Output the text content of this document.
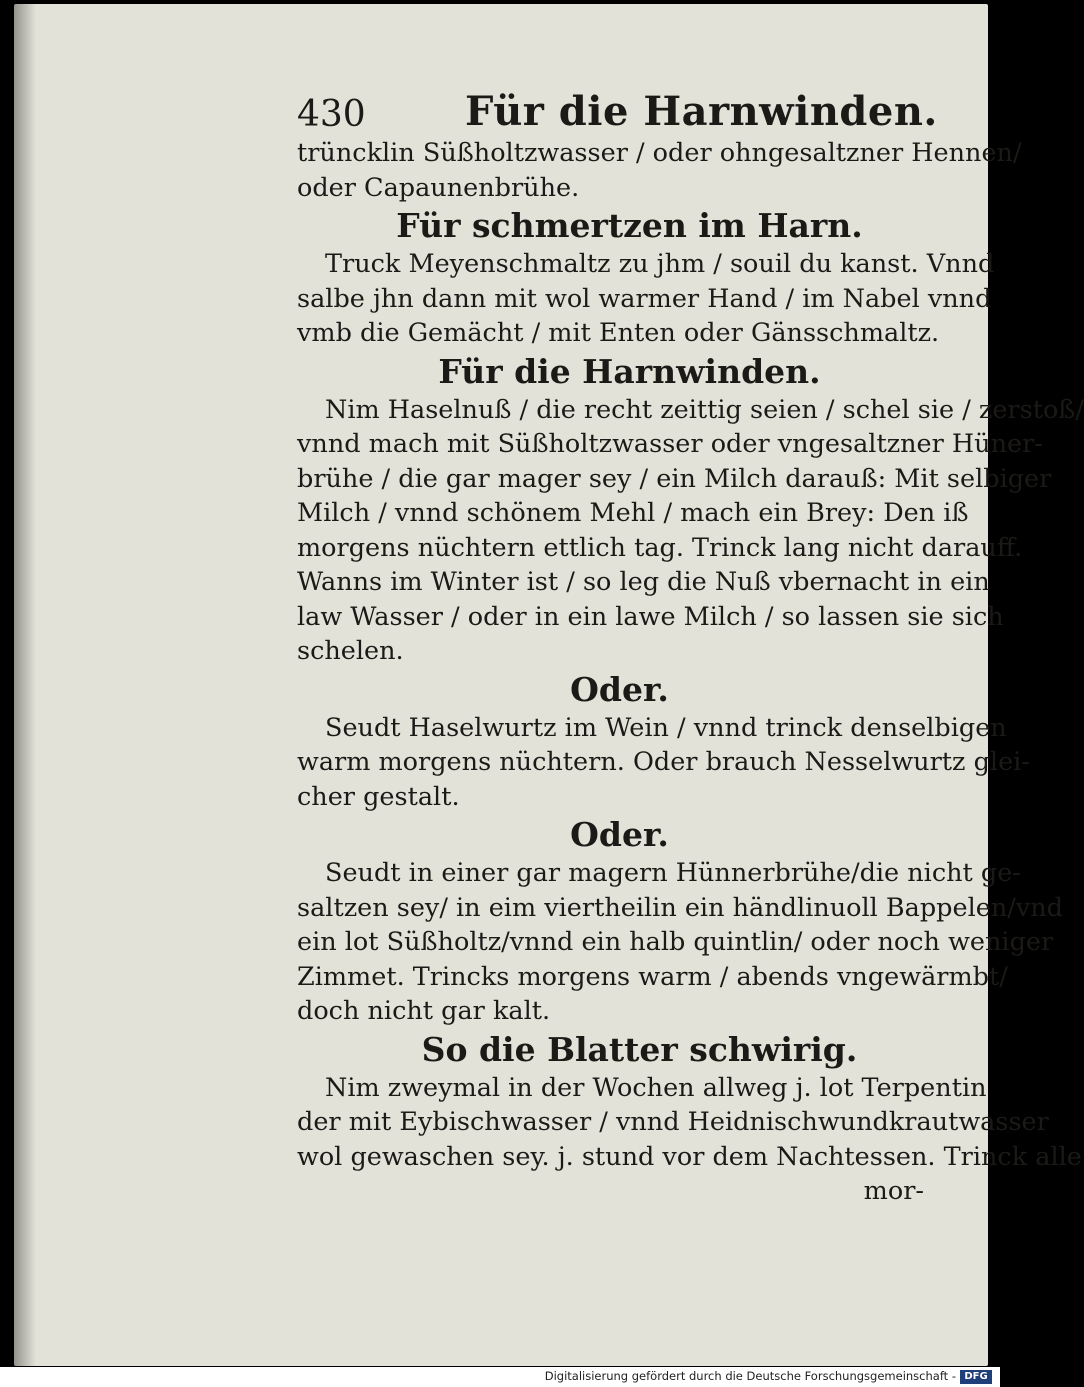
430 Für die Harnwinden.
trüncklin Süßholtzwasser / oder ohngesaltzner Hennen/
oder Capaunenbrühe.
Für schmertzen im Harn.
Truck Meyenschmaltz zu jhm / souil du kanst. Vnnd
salbe jhn dann mit wol warmer Hand / im Nabel vnnd
vmb die Gemächt / mit Enten oder Gänsschmaltz.
Für die Harnwinden.
Nim Haselnuß / die recht zeittig seien / schel sie / zerstoß/
vnnd mach mit Süßholtzwasser oder vngesaltzner Hüner-
brühe / die gar mager sey / ein Milch darauß: Mit selbiger
Milch / vnnd schönem Mehl / mach ein Brey: Den iß
morgens nüchtern ettlich tag. Trinck lang nicht darauff.
Wanns im Winter ist / so leg die Nuß vbernacht in ein
law Wasser / oder in ein lawe Milch / so lassen sie sich
schelen.
Oder.
Seudt Haselwurtz im Wein / vnnd trinck denselbigen
warm morgens nüchtern. Oder brauch Nesselwurtz glei-
cher gestalt.
Oder.
Seudt in einer gar magern Hünnerbrühe/die nicht ge-
saltzen sey/ in eim viertheilin ein händlinuoll Bappelen/vnd
ein lot Süßholtz/vnnd ein halb quintlin/ oder noch weniger
Zimmet. Trincks morgens warm / abends vngewärmbt/
doch nicht gar kalt.
So die Blatter schwirig.
Nim zweymal in der Wochen allweg j. lot Terpentin
der mit Eybischwasser / vnnd Heidnischwundkrautwasser
wol gewaschen sey. j. stund vor dem Nachtessen. Trinck alle
mor-
Digitalisierung gefördert durch die Deutsche Forschungsgemeinschaft - DFG
